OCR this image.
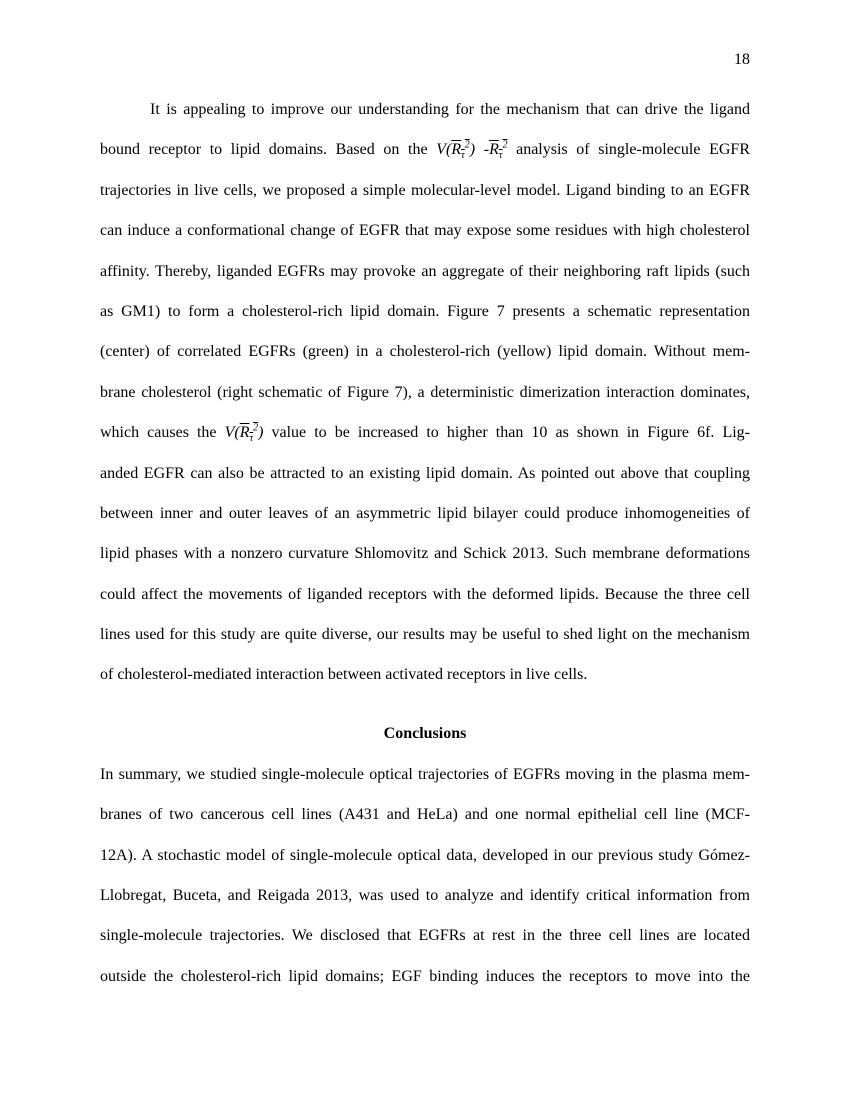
18
It is appealing to improve our understanding for the mechanism that can drive the ligand
bound receptor to lipid domains. Based on the $V(R_\tau^2)$ $-R_\tau^2$ analysis of single-molecule EGFR
trajectories in live cells, we proposed a simple molecular-level model. Ligand binding to an EGFR
can induce a conformational change of EGFR that may expose some residues with high cholesterol
affinity. Thereby, liganded EGFRs may provoke an aggregate of their neighboring raft lipids (such
as GM1) to form a cholesterol-rich lipid domain. Figure 7 presents a schematic representation
(center) of correlated EGFRs (green) in a cholesterol-rich (yellow) lipid domain. Without mem-
brane cholesterol (right schematic of Figure 7), a deterministic dimerization interaction dominates,
which causes the $V(R_\tau^2)$ value to be increased to higher than 10 as shown in Figure 6f. Lig-
anded EGFR can also be attracted to an existing lipid domain. As pointed out above that coupling
between inner and outer leaves of an asymmetric lipid bilayer could produce inhomogeneities of
lipid phases with a nonzero curvature Shlomovitz and Schick 2013. Such membrane deformations
could affect the movements of liganded receptors with the deformed lipids. Because the three cell
lines used for this study are quite diverse, our results may be useful to shed light on the mechanism
of cholesterol-mediated interaction between activated receptors in live cells.
Conclusions
In summary, we studied single-molecule optical trajectories of EGFRs moving in the plasma mem-
branes of two cancerous cell lines (A431 and HeLa) and one normal epithelial cell line (MCF-
12A). A stochastic model of single-molecule optical data, developed in our previous study Gómez-
Llobregat, Buceta, and Reigada 2013, was used to analyze and identify critical information from
single-molecule trajectories. We disclosed that EGFRs at rest in the three cell lines are located
outside the cholesterol-rich lipid domains; EGF binding induces the receptors to move into the
